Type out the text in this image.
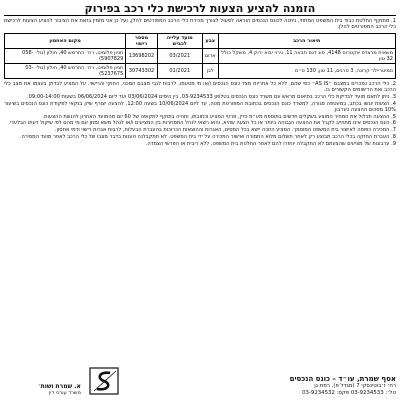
הזמנה להציע הצעות לרכישת כלי רכב בפירוק
1. מתוקף החלטת כבוד בית המשפט המחוזי, ניתנה לכונס הנכסים הוראה לפעול לצורך מכירת כלי הרכב המפורטים להלן, ועל כן אני מזמין בזאת את הציבור להציע הצעות לרכישת כלי הרכב המפורטים להלן:
תיאור הרכב	צבע	מועד עלייה לכביש	מספר רישוי	מקום האחסון
משאית מרצדס אקטרוס 4148, סוג דגם חבאה 11, גירוי יבוא ירוק 4, משקל כולל 32 טון	אדום	03/2021	13698202	חניון פלומינו, רח׳ החרמש 40, חולון (טל׳ 058-5907829)
סמיטריילר קרונה, 3 סרנים, 11 טון, 130 ס״מ	לבן	01/2021	30743302	חניון פלומינו, רח׳ החרמש 40, חולון (טל׳ 03-5237675)

2. כלי הרכב נמכרים במצבם ״AS IS״ כפי שהם, ללא כל אחריות מצד כונס הנכסים ו/או מי מטעמו, לרבות לגבי מצבם המכני, החוקי והרישוי. על המציע לבדוק בעצמו את מצב כלי הרכב ואת הרישומים הקשורים בו.

3. ניתן לתאם מועד לבדיקת כלי הרכב בתיאום מראש עם משרד כונס הנכסים בטלפון 03-9234533, בין הימים 03/06/2024 ועד ליום 06/06/2024 בשעות 09:00-14:00.

4. הצעות יוגשו בכתב, במעטפה סגורה, למשרד כונס הנכסים בכתובת המפורטת מטה, עד ליום 10/06/2024 בשעה 12:00. להצעה יצורף שיק בנקאי לפקודת כונס הנכסים בשיעור 10% מסכום ההצעה כערבון.

5. ההצעה תכלול את המחיר המוצע בשקלים חדשים בתוספת מע״מ כדין, פרטי המציע וכתובתו, ותהיה בתוקף לתקופה של 60 יום מהמועד האחרון להגשת ההצעות.

6. כונס הנכסים אינו מתחייב לקבל את ההצעה הגבוהה ביותר או כל הצעה שהיא, והוא רשאי לנהל התמחרות בין המציעים ו/או לנהל משא ומתן עם מי מהם לפי שיקול דעתו הבלעדי.

7. המכירה כפופה לאישור בית המשפט המוסמך. המציע הזוכה יישא בכל המסים, האגרות וההוצאות הכרוכות בהעברת הבעלות, לרבות אגרות רישוי ודמי אחסון.

8. העברת החזקה בכלי הרכב תבוצע רק לאחר תשלום מלוא התמורה ואישור המכירה על ידי בית המשפט. לא תתקבלנה טענות בדבר מצבו של כלי הרכב לאחר מועד המסירה.

9. ערבונות של מציעים שהצעתם לא התקבלה יוחזרו להם לאחר החלטת בית המשפט, ללא ריבית או הפרשי הצמדה.

אסף שמרת, עו״ד – כונס הנכסים
רח׳ ז׳בוטינסקי 7 (מגדל פ), רמת גן
טל׳: 03-9234533 פקס: 03-9234532
א. שמרת ושות׳
משרד עורכי דין
